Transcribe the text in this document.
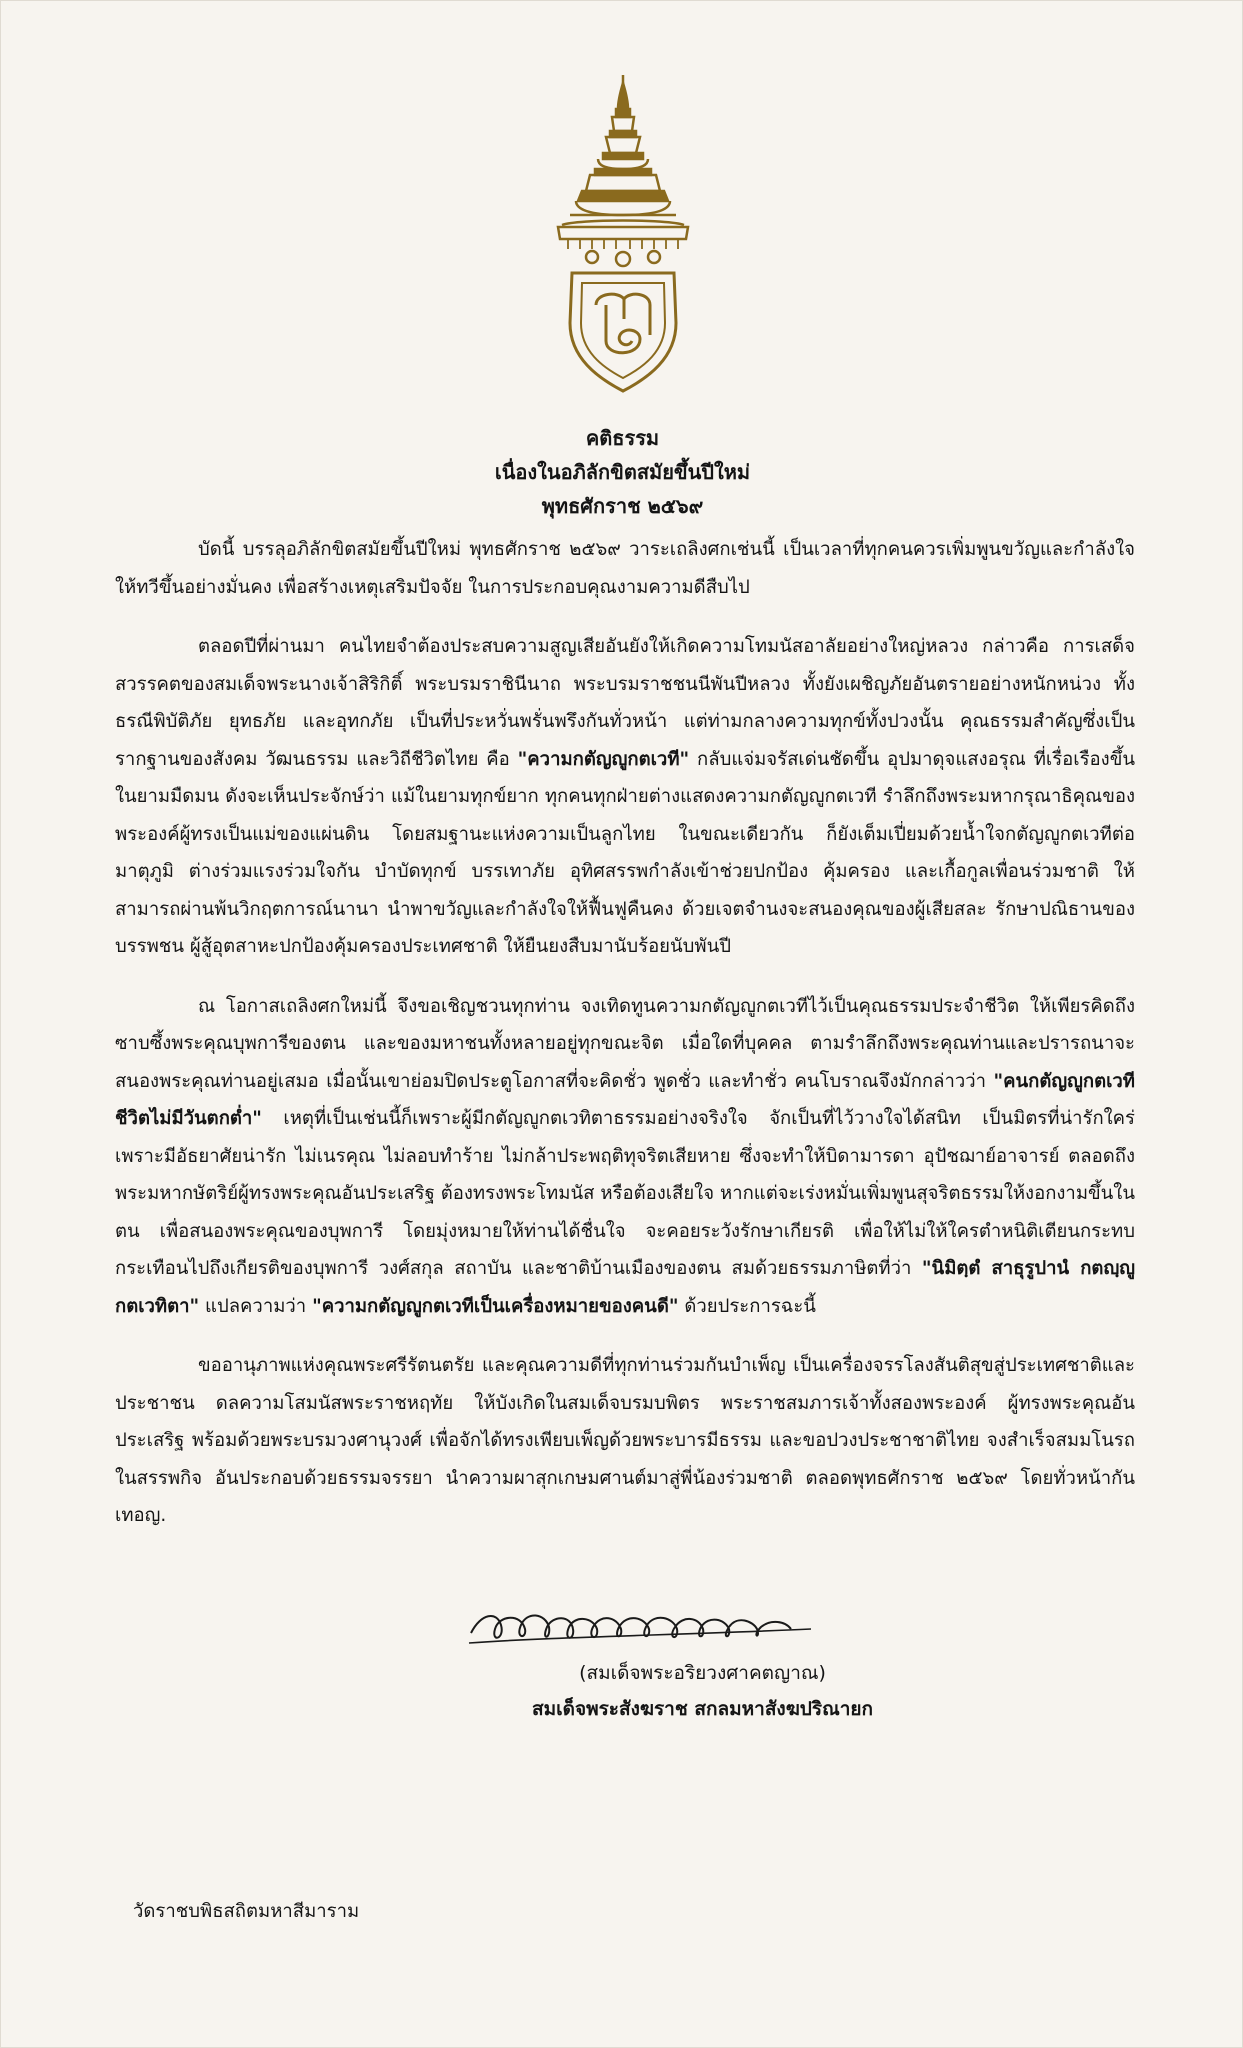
คติธรรม
เนื่องในอภิลักขิตสมัยขึ้นปีใหม่
พุทธศักราช ๒๕๖๙

บัดนี้ บรรลุอภิลักขิตสมัยขึ้นปีใหม่ พุทธศักราช ๒๕๖๙ วาระเถลิงศกเช่นนี้ เป็นเวลาที่ทุกคนควรเพิ่มพูนขวัญและกำลังใจให้ทวีขึ้นอย่างมั่นคง เพื่อสร้างเหตุเสริมปัจจัย ในการประกอบคุณงามความดีสืบไป

ตลอดปีที่ผ่านมา คนไทยจำต้องประสบความสูญเสียอันยังให้เกิดความโทมนัสอาลัยอย่างใหญ่หลวง กล่าวคือ การเสด็จสวรรคตของสมเด็จพระนางเจ้าสิริกิติ์ พระบรมราชินีนาถ พระบรมราชชนนีพันปีหลวง ทั้งยังเผชิญภัยอันตรายอย่างหนักหน่วง ทั้งธรณีพิบัติภัย ยุทธภัย และอุทกภัย เป็นที่ประหวั่นพรั่นพรึงกันทั่วหน้า แต่ท่ามกลางความทุกข์ทั้งปวงนั้น คุณธรรมสำคัญซึ่งเป็นรากฐานของสังคม วัฒนธรรม และวิถีชีวิตไทย คือ "ความกตัญญูกตเวที" กลับแจ่มจรัสเด่นชัดขึ้น อุปมาดุจแสงอรุณ ที่เรื่อเรืองขึ้นในยามมืดมน ดังจะเห็นประจักษ์ว่า แม้ในยามทุกข์ยาก ทุกคนทุกฝ่ายต่างแสดงความกตัญญูกตเวที รำลึกถึงพระมหากรุณาธิคุณของพระองค์ผู้ทรงเป็นแม่ของแผ่นดิน โดยสมฐานะแห่งความเป็นลูกไทย ในขณะเดียวกัน ก็ยังเต็มเปี่ยมด้วยน้ำใจกตัญญูกตเวทีต่อมาตุภูมิ ต่างร่วมแรงร่วมใจกัน บำบัดทุกข์ บรรเทาภัย อุทิศสรรพกำลังเข้าช่วยปกป้อง คุ้มครอง และเกื้อกูลเพื่อนร่วมชาติ ให้สามารถผ่านพ้นวิกฤตการณ์นานา นำพาขวัญและกำลังใจให้ฟื้นฟูคืนคง ด้วยเจตจำนงจะสนองคุณของผู้เสียสละ รักษาปณิธานของบรรพชน ผู้สู้อุตสาหะปกป้องคุ้มครองประเทศชาติ ให้ยืนยงสืบมานับร้อยนับพันปี

ณ โอกาสเถลิงศกใหม่นี้ จึงขอเชิญชวนทุกท่าน จงเทิดทูนความกตัญญูกตเวทีไว้เป็นคุณธรรมประจำชีวิต ให้เพียรคิดถึง ซาบซึ้งพระคุณบุพการีของตน และของมหาชนทั้งหลายอยู่ทุกขณะจิต เมื่อใดที่บุคคล ตามรำลึกถึงพระคุณท่านและปรารถนาจะสนองพระคุณท่านอยู่เสมอ เมื่อนั้นเขาย่อมปิดประตูโอกาสที่จะคิดชั่ว พูดชั่ว และทำชั่ว คนโบราณจึงมักกล่าวว่า "คนกตัญญูกตเวที ชีวิตไม่มีวันตกต่ำ" เหตุที่เป็นเช่นนี้ก็เพราะผู้มีกตัญญูกตเวทิตาธรรมอย่างจริงใจ จักเป็นที่ไว้วางใจได้สนิท เป็นมิตรที่น่ารักใคร่ เพราะมีอัธยาศัยน่ารัก ไม่เนรคุณ ไม่ลอบทำร้าย ไม่กล้าประพฤติทุจริตเสียหาย ซึ่งจะทำให้บิดามารดา อุปัชฌาย์อาจารย์ ตลอดถึงพระมหากษัตริย์ผู้ทรงพระคุณอันประเสริฐ ต้องทรงพระโทมนัส หรือต้องเสียใจ หากแต่จะเร่งหมั่นเพิ่มพูนสุจริตธรรมให้งอกงามขึ้นในตน เพื่อสนองพระคุณของบุพการี โดยมุ่งหมายให้ท่านได้ชื่นใจ จะคอยระวังรักษาเกียรติ เพื่อให้ไม่ให้ใครตำหนิติเตียนกระทบกระเทือนไปถึงเกียรติของบุพการี วงศ์สกุล สถาบัน และชาติบ้านเมืองของตน สมด้วยธรรมภาษิตที่ว่า "นิมิตฺตํ สาธุรูปานํ กตญฺญูกตเวทิตา" แปลความว่า "ความกตัญญูกตเวทีเป็นเครื่องหมายของคนดี" ด้วยประการฉะนี้

ขออานุภาพแห่งคุณพระศรีรัตนตรัย และคุณความดีที่ทุกท่านร่วมกันบำเพ็ญ เป็นเครื่องจรรโลงสันติสุขสู่ประเทศชาติและประชาชน ดลความโสมนัสพระราชหฤทัย ให้บังเกิดในสมเด็จบรมบพิตร พระราชสมภารเจ้าทั้งสองพระองค์ ผู้ทรงพระคุณอันประเสริฐ พร้อมด้วยพระบรมวงศานุวงศ์ เพื่อจักได้ทรงเพียบเพ็ญด้วยพระบารมีธรรม และขอปวงประชาชาติไทย จงสำเร็จสมมโนรถในสรรพกิจ อันประกอบด้วยธรรมจรรยา นำความผาสุกเกษมศานต์มาสู่พี่น้องร่วมชาติ ตลอดพุทธศักราช ๒๕๖๙ โดยทั่วหน้ากัน เทอญ.

(สมเด็จพระอริยวงศาคตญาณ)
สมเด็จพระสังฆราช สกลมหาสังฆปริณายก
วัดราชบพิธสถิตมหาสีมาราม
